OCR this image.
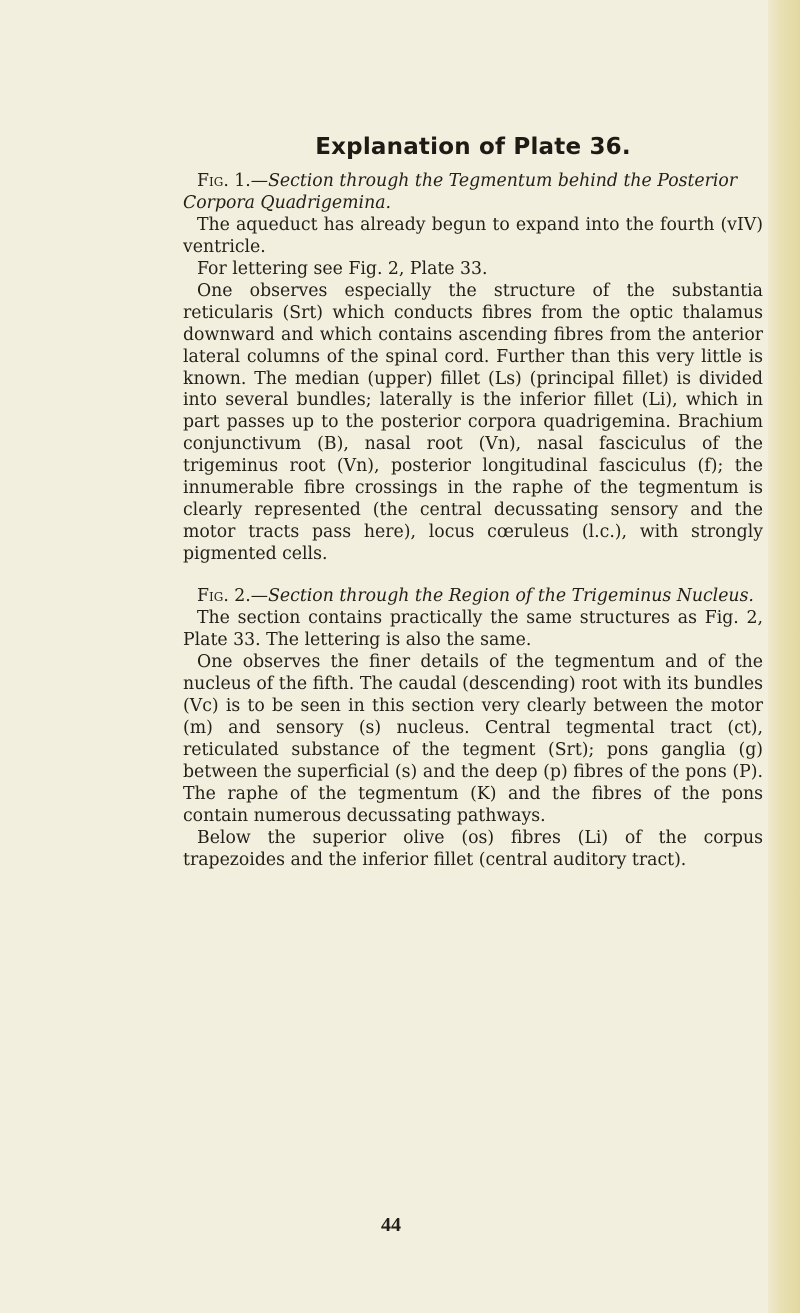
Explanation of Plate 36.

Fig. 1.—Section through the Tegmentum behind the Posterior Corpora Quadrigemina.

The aqueduct has already begun to expand into the fourth (vIV) ventricle.

For lettering see Fig. 2, Plate 33.

One observes especially the structure of the substantia reticularis (Srt) which conducts fibres from the optic thalamus downward and which contains ascending fibres from the anterior lateral columns of the spinal cord. Further than this very little is known. The median (upper) fillet (Ls) (principal fillet) is divided into several bundles; laterally is the inferior fillet (Li), which in part passes up to the posterior corpora quadrigemina. Brachium conjunctivum (B), nasal root (Vn), nasal fasciculus of the trigeminus root (Vn), posterior longitudinal fasciculus (f); the innumerable fibre crossings in the raphe of the tegmentum is clearly represented (the central decussating sensory and the motor tracts pass here), locus cœruleus (l.c.), with strongly pigmented cells.

Fig. 2.—Section through the Region of the Trigeminus Nucleus.

The section contains practically the same structures as Fig. 2, Plate 33. The lettering is also the same.

One observes the finer details of the tegmentum and of the nucleus of the fifth. The caudal (descending) root with its bundles (Vc) is to be seen in this section very clearly between the motor (m) and sensory (s) nucleus. Central tegmental tract (ct), reticulated substance of the tegment (Srt); pons ganglia (g) between the superficial (s) and the deep (p) fibres of the pons (P). The raphe of the tegmentum (K) and the fibres of the pons contain numerous decussating pathways.

Below the superior olive (os) fibres (Li) of the corpus trapezoides and the inferior fillet (central auditory tract).

44
